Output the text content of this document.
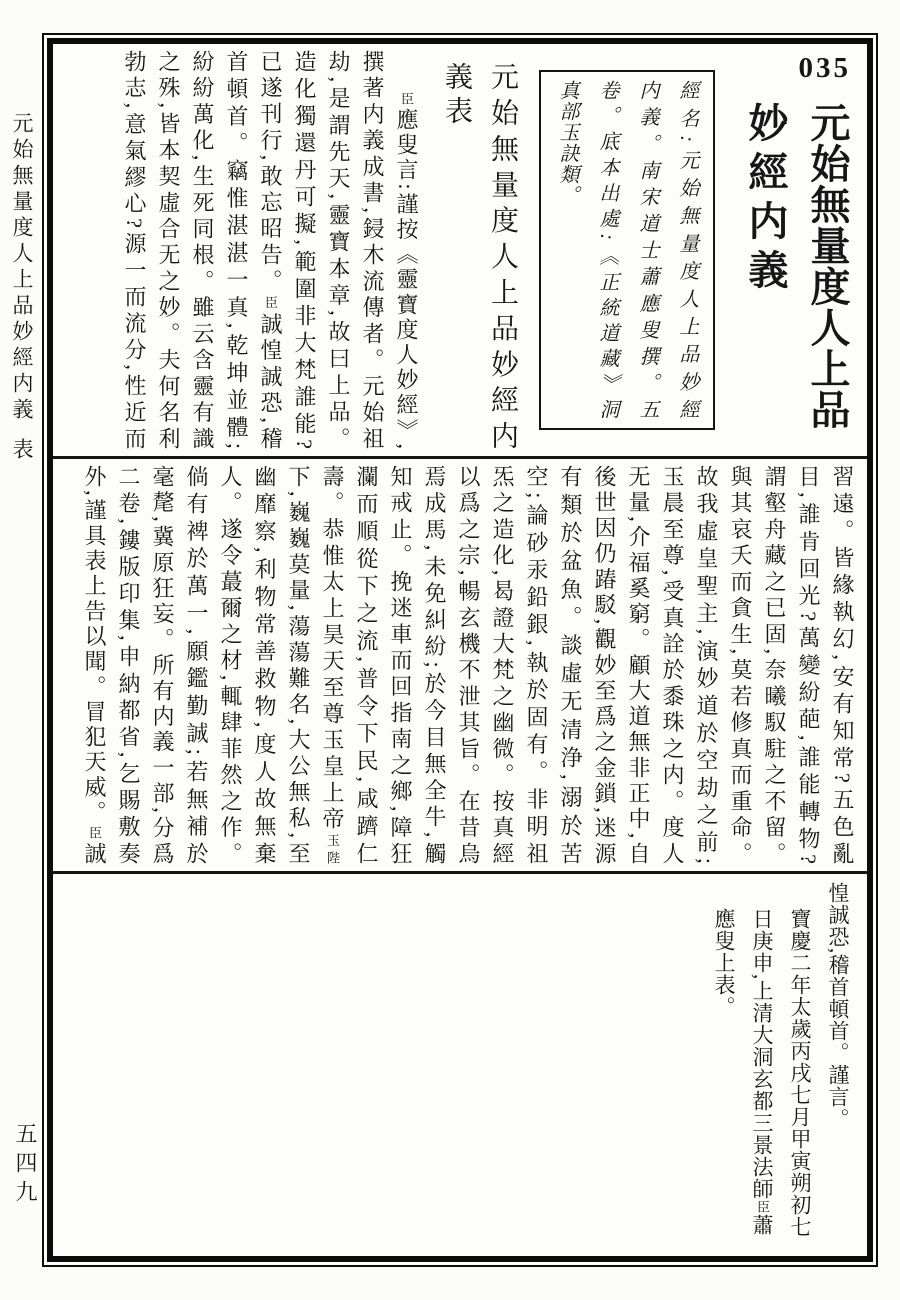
元始無量度人上品妙經内義表
五四九
035
元始無量度人上品
妙經内義
經名:元始無量度人上品妙經
内義。南宋道士蕭應叟撰。五
卷。底本出處:《正統道藏》洞
真部玉訣類。
元始無量度人上品妙經内
義表
臣應叟言:謹按《靈寶度人妙經》,
撰著内義成書,鋟木流傳者。元始祖
劫,是謂先天,靈寶本章,故曰上品。
造化獨還丹可擬,範圍非大梵誰能?
已遂刊行,敢忘昭告。臣誠惶誠恐,稽
首頓首。竊惟湛湛一真,乾坤並體;
紛紛萬化,生死同根。雖云含靈有識
之殊,皆本契虛合无之妙。夫何名利
勃志,意氣繆心?源一而流分,性近而
習遠。皆緣執幻,安有知常?五色亂
目,誰肯回光?萬變紛葩,誰能轉物?
謂壑舟藏之已固,奈曦馭駐之不留。
與其哀夭而貪生,莫若修真而重命。
故我虛皇聖主,演妙道於空劫之前;
玉晨至尊,受真詮於黍珠之内。度人
无量,介福奚窮。顧大道無非正中,自
後世因仍踳駁,觀妙至爲之金鎖,迷源
有類於盆魚。談虛无清浄,溺於苦
空;論砂汞鉛銀,執於固有。非明祖
炁之造化,曷證大梵之幽微。按真經
以爲之宗,暢玄機不泄其旨。在昔烏
焉成馬,未免糾紛;於今目無全牛,觸
知戒止。挽迷車而回指南之鄉,障狂
瀾而順從下之流,普令下民,咸躋仁
壽。恭惟太上昊天至尊玉皇上帝玉陛
下,巍巍莫量,蕩蕩難名,大公無私,至
幽靡察,利物常善救物,度人故無棄
人。遂令蕞爾之材,輒肆菲然之作。
倘有裨於萬一,願鑑勤誠;若無補於
毫氂,冀原狂妄。所有内義一部,分爲
二卷,鏤版印集,申納都省,乞賜敷奏
外,謹具表上告以聞。冒犯天威。臣誠
惶誠恐,稽首頓首。謹言。
寶慶二年太歲丙戌七月甲寅朔初七
日庚申,上清大洞玄都三景法師臣蕭
應叟上表。
